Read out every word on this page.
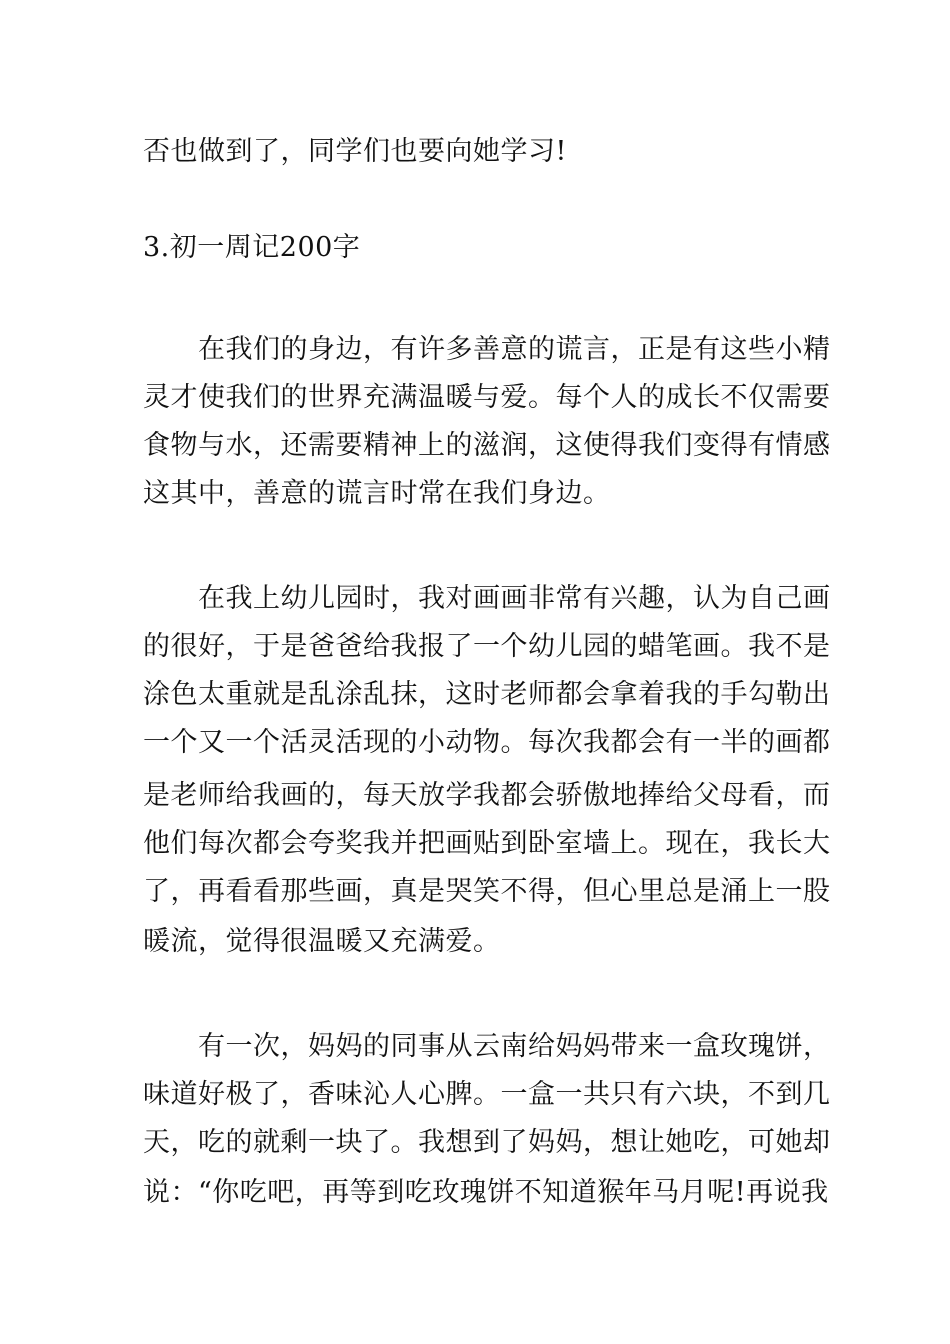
否也做到了，同学们也要向她学习!
3.初一周记200字
在我们的身边，有许多善意的谎言，正是有这些小精
灵才使我们的世界充满温暖与爱。每个人的成长不仅需要
食物与水，还需要精神上的滋润，这使得我们变得有情感
这其中，善意的谎言时常在我们身边。
在我上幼儿园时，我对画画非常有兴趣，认为自己画
的很好，于是爸爸给我报了一个幼儿园的蜡笔画。我不是
涂色太重就是乱涂乱抹，这时老师都会拿着我的手勾勒出
一个又一个活灵活现的小动物。每次我都会有一半的画都
是老师给我画的，每天放学我都会骄傲地捧给父母看，而
他们每次都会夸奖我并把画贴到卧室墙上。现在，我长大
了，再看看那些画，真是哭笑不得，但心里总是涌上一股
暖流，觉得很温暖又充满爱。
有一次，妈妈的同事从云南给妈妈带来一盒玫瑰饼，
味道好极了，香味沁人心脾。一盒一共只有六块，不到几
天，吃的就剩一块了。我想到了妈妈，想让她吃，可她却
说：“你吃吧，再等到吃玫瑰饼不知道猴年马月呢!再说我
